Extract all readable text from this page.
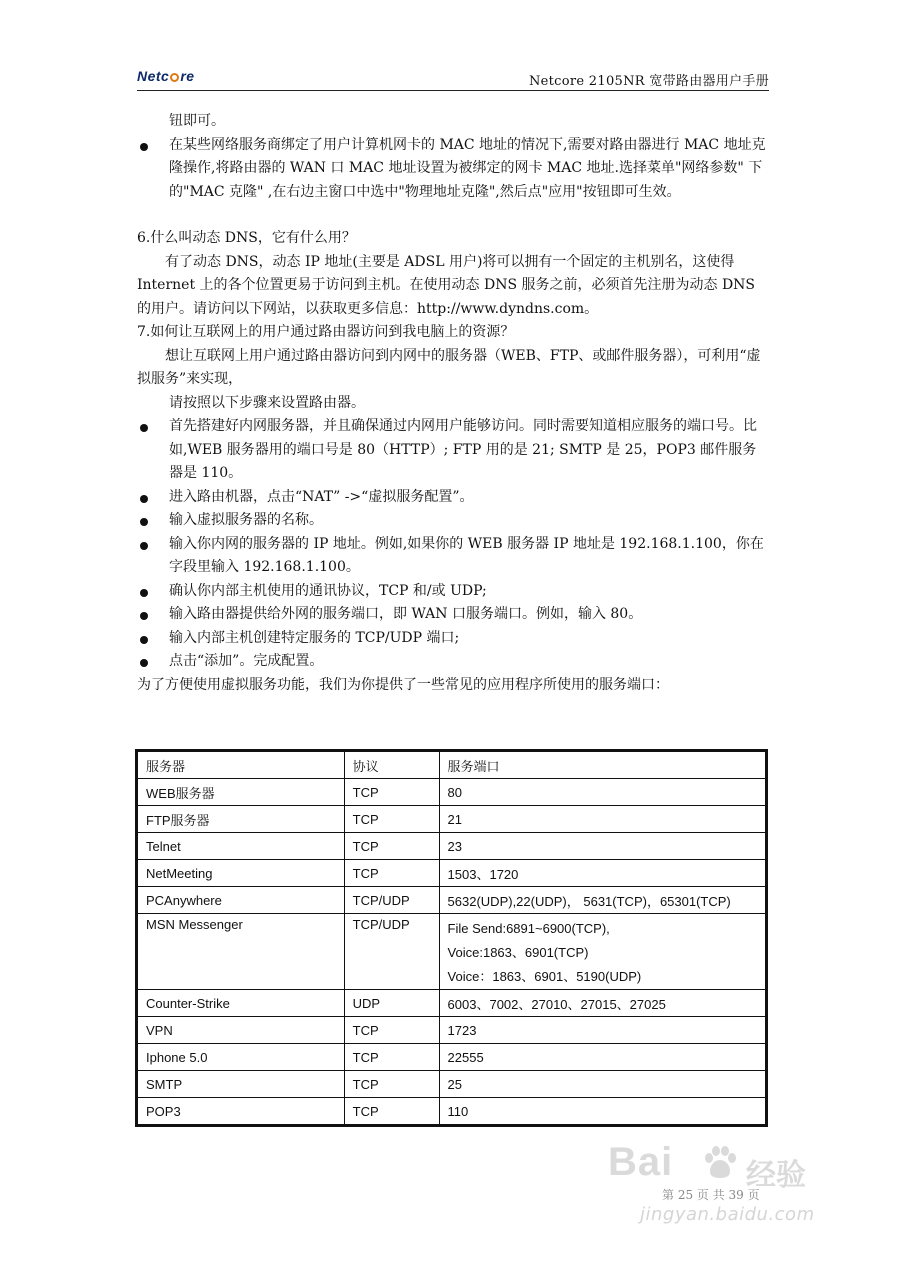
Netc re	Netcore 2105NR 宽带路由器用户手册

钮即可。

在某些网络服务商绑定了用户计算机网卡的 MAC 地址的情况下,需要对路由器进行 MAC 地址克隆操作,将路由器的 WAN 口 MAC 地址设置为被绑定的网卡 MAC 地址.选择菜单"网络参数" 下的"MAC 克隆" ,在右边主窗口中选中"物理地址克隆",然后点"应用"按钮即可生效。

6.什么叫动态 DNS，它有什么用？

有了动态 DNS，动态 IP 地址(主要是 ADSL 用户)将可以拥有一个固定的主机别名，这使得 Internet 上的各个位置更易于访问到主机。在使用动态 DNS 服务之前，必须首先注册为动态 DNS 的用户。请访问以下网站，以获取更多信息：http://www.dyndns.com。

7.如何让互联网上的用户通过路由器访问到我电脑上的资源？

想让互联网上用户通过路由器访问到内网中的服务器（WEB、FTP、或邮件服务器），可利用“虚拟服务”来实现，

请按照以下步骤来设置路由器。

首先搭建好内网服务器，并且确保通过内网用户能够访问。同时需要知道相应服务的端口号。比如,WEB 服务器用的端口号是 80（HTTP）; FTP 用的是 21; SMTP 是 25，POP3 邮件服务器是 110。
进入路由机器，点击“NAT” ->“虚拟服务配置”。
输入虚拟服务器的名称。
输入你内网的服务器的 IP 地址。例如,如果你的 WEB 服务器 IP 地址是 192.168.1.100，你在字段里输入 192.168.1.100。
确认你内部主机使用的通讯协议，TCP 和/或 UDP;
输入路由器提供给外网的服务端口，即 WAN 口服务端口。例如，输入 80。
输入内部主机创建特定服务的 TCP/UDP 端口;
点击“添加”。完成配置。

为了方便使用虚拟服务功能，我们为你提供了一些常见的应用程序所使用的服务端口：

服务器	协议	服务端口
WEB服务器	TCP	80
FTP服务器	TCP	21
Telnet	TCP	23
NetMeeting	TCP	1503、1720
PCAnywhere	TCP/UDP	5632(UDP),22(UDP)， 5631(TCP)，65301(TCP)
MSN Messenger	TCP/UDP	File Send:6891~6900(TCP),
Voice:1863、6901(TCP)
Voice：1863、6901、5190(UDP)

Counter-Strike	UDP	6003、7002、27010、27015、27025
VPN	TCP	1723
Iphone 5.0	TCP	22555
SMTP	TCP	25
POP3	TCP	110
第 25 页 共 39 页
Bai 经验
jingyan.baidu.com
